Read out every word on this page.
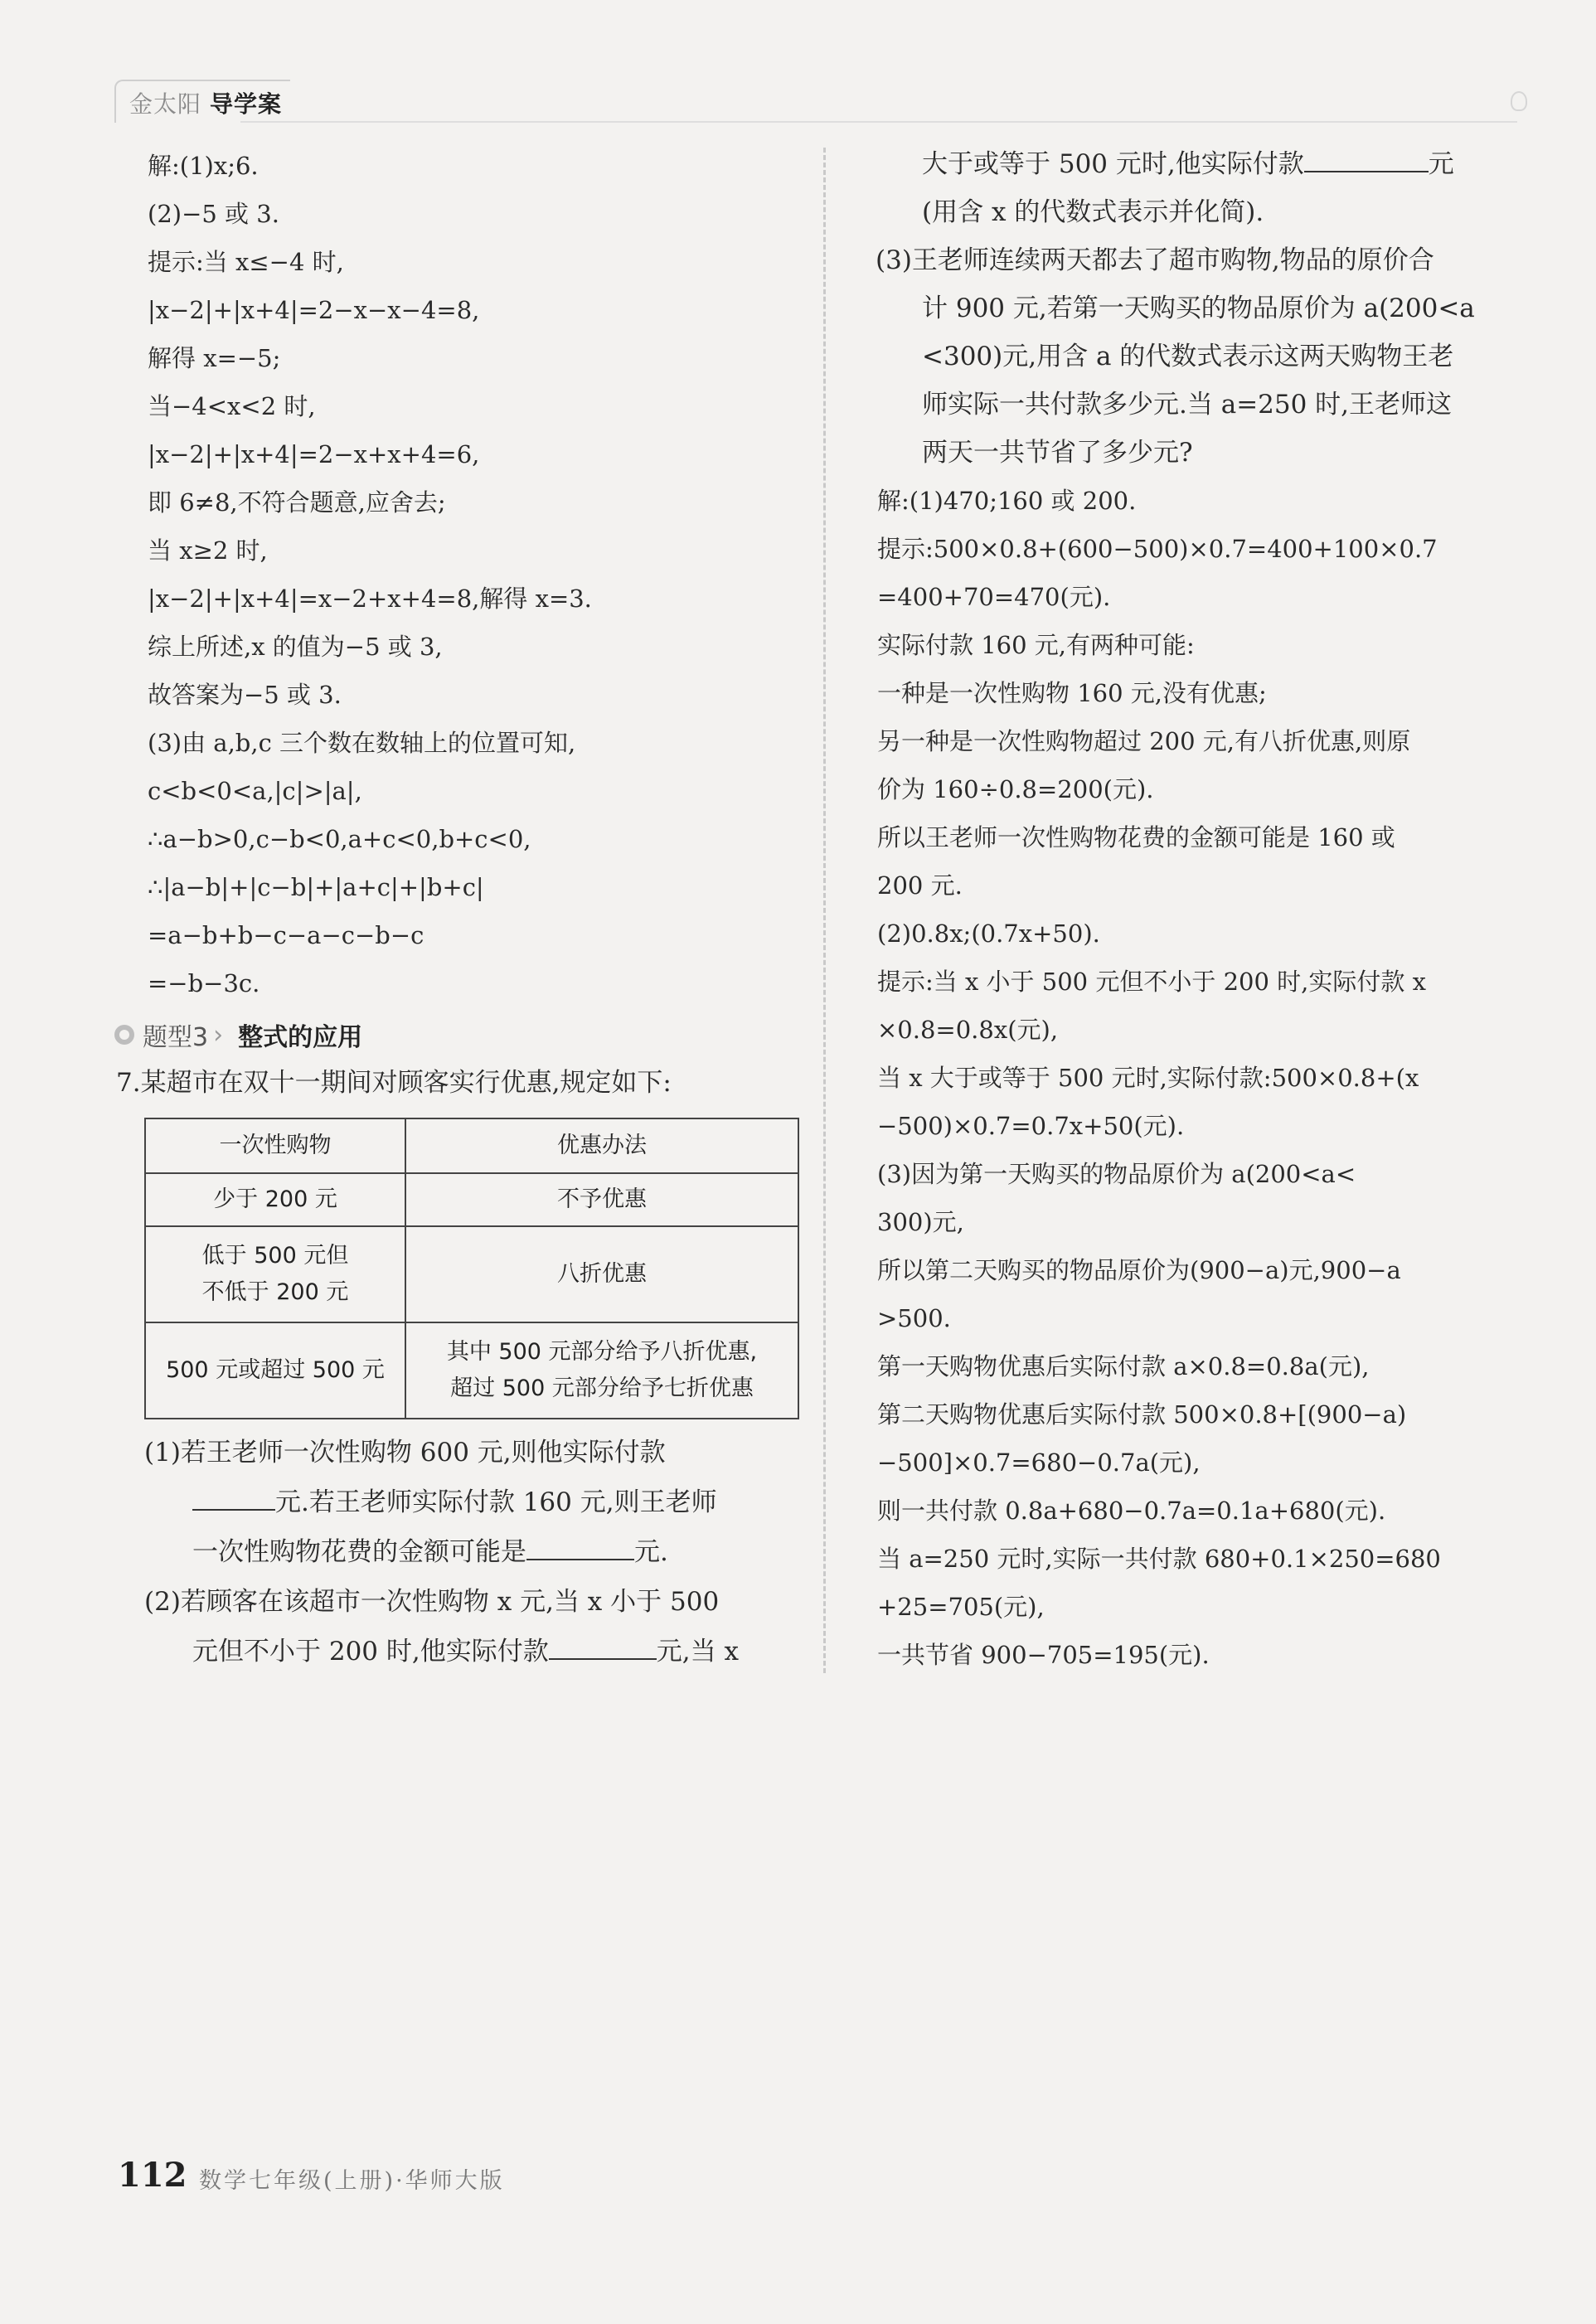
金太阳 导学案
解:(1)x;6.
(2)−5 或 3.
提示:当 x≤−4 时,
|x−2|+|x+4|=2−x−x−4=8,
解得 x=−5;
当−4<x<2 时,
|x−2|+|x+4|=2−x+x+4=6,
即 6≠8,不符合题意,应舍去;
当 x≥2 时,
|x−2|+|x+4|=x−2+x+4=8,解得 x=3.
综上所述,x 的值为−5 或 3,
故答案为−5 或 3.
(3)由 a,b,c 三个数在数轴上的位置可知,
c<b<0<a,|c|>|a|,
∴a−b>0,c−b<0,a+c<0,b+c<0,
∴|a−b|+|c−b|+|a+c|+|b+c|
=a−b+b−c−a−c−b−c
=−b−3c.
题型3 › 整式的应用
7.某超市在双十一期间对顾客实行优惠,规定如下:
一次性购物	优惠办法
少于 200 元	不予优惠
低于 500 元但
不低于 200 元	八折优惠
500 元或超过 500 元	其中 500 元部分给予八折优惠,
超过 500 元部分给予七折优惠
(1)若王老师一次性购物 600 元,则他实际付款
元.若王老师实际付款 160 元,则王老师
一次性购物花费的金额可能是	元.
(2)若顾客在该超市一次性购物 x 元,当 x 小于 500
元但不小于 200 时,他实际付款	元,当 x
大于或等于 500 元时,他实际付款	元
(用含 x 的代数式表示并化简).
(3)王老师连续两天都去了超市购物,物品的原价合
计 900 元,若第一天购买的物品原价为 a(200<a
<300)元,用含 a 的代数式表示这两天购物王老
师实际一共付款多少元.当 a=250 时,王老师这
两天一共节省了多少元?
解:(1)470;160 或 200.
提示:500×0.8+(600−500)×0.7=400+100×0.7
=400+70=470(元).
实际付款 160 元,有两种可能:
一种是一次性购物 160 元,没有优惠;
另一种是一次性购物超过 200 元,有八折优惠,则原
价为 160÷0.8=200(元).
所以王老师一次性购物花费的金额可能是 160 或
200 元.
(2)0.8x;(0.7x+50).
提示:当 x 小于 500 元但不小于 200 时,实际付款 x
×0.8=0.8x(元),
当 x 大于或等于 500 元时,实际付款:500×0.8+(x
−500)×0.7=0.7x+50(元).
(3)因为第一天购买的物品原价为 a(200<a<
300)元,
所以第二天购买的物品原价为(900−a)元,900−a
>500.
第一天购物优惠后实际付款 a×0.8=0.8a(元),
第二天购物优惠后实际付款 500×0.8+[(900−a)
−500]×0.7=680−0.7a(元),
则一共付款 0.8a+680−0.7a=0.1a+680(元).
当 a=250 元时,实际一共付款 680+0.1×250=680
+25=705(元),
一共节省 900−705=195(元).
112 数学七年级(上册)·华师大版
